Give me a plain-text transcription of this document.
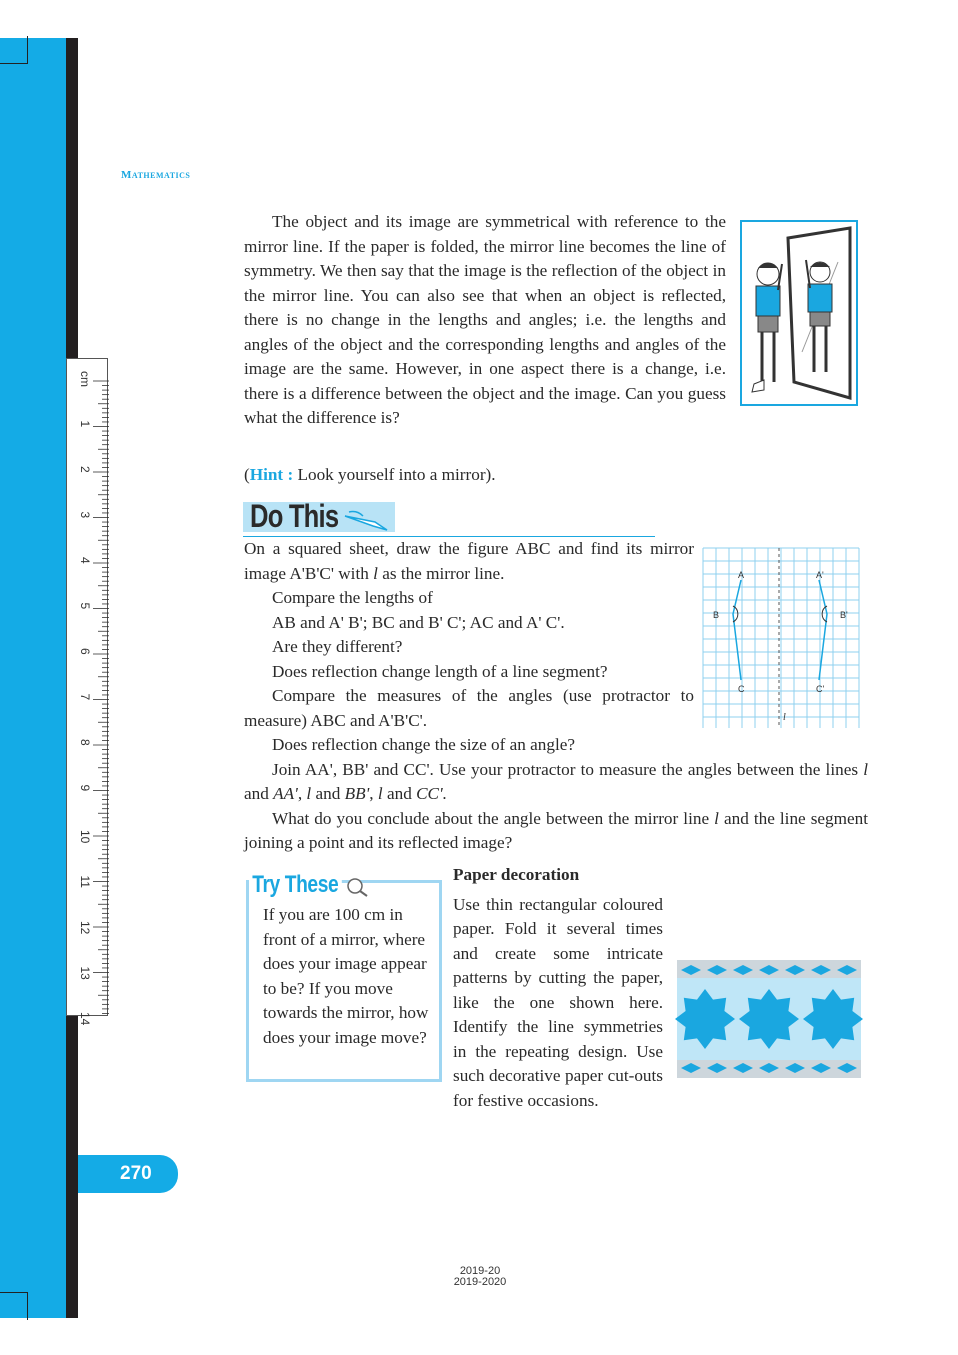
cm
1
2
3
4
5
6
7
8
9
10
11
12
13
14
Mathematics

The object and its image are symmetrical with reference to the mirror line. If the paper is folded, the mirror line becomes the line of symmetry. We then say that the image is the reflection of the object in the mirror line. You can also see that when an object is reflected, there is no change in the lengths and angles; i.e. the lengths and angles of the object and the corresponding lengths and angles of the image are the same. However, in one aspect there is a change, i.e. there is a difference between the object and the image. Can you guess what the difference is?

(Hint : Look yourself into a mirror).
Do This

On a squared sheet, draw the figure ABC and find its mirror image A'B'C' with l as the mirror line.

Compare the lengths of

AB and A' B'; BC and B' C'; AC and A' C'.

Are they different?

Does reflection change length of a line segment?

Compare the measures of the angles (use protractor to measure) ABC and A'B'C'.

Does reflection change the size of an angle?

Join AA', BB' and CC'. Use your protractor to measure the angles between the lines l and AA', l and BB', l and CC'.

What do you conclude about the angle between the mirror line l and the line segment joining a point and its reflected image?

A	A'
B	B'
C	C'
l
Try These
If you are 100 cm in front of a mirror, where does your image appear to be? If you move towards the mirror, how does your image move?
Paper decoration
Use thin rectangular coloured paper. Fold it several times and create some intricate patterns by cutting the paper, like the one shown here. Identify the line symmetries in the repeating design. Use such decorative paper cut-outs for festive occasions.
270
2019-20
2019-2020
